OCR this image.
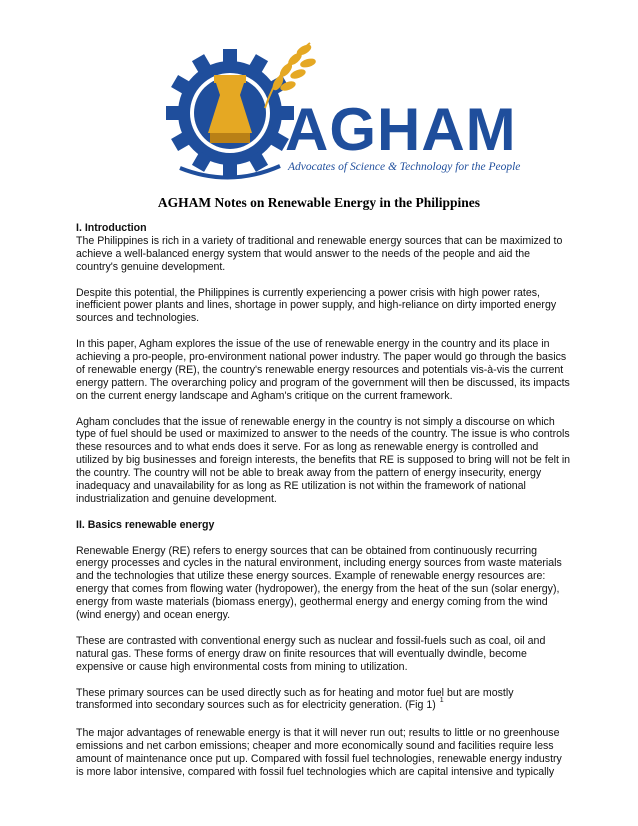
AGHAM
Advocates of Science & Technology for the People
AGHAM Notes on Renewable Energy in the Philippines

I. Introduction

The Philippines is rich in a variety of traditional and renewable energy sources that can be maximized to achieve a well-balanced energy system that would answer to the needs of the people and aid the country's genuine development.

Despite this potential, the Philippines is currently experiencing a power crisis with high power rates, inefficient power plants and lines, shortage in power supply, and high-reliance on dirty imported energy sources and technologies.

In this paper, Agham explores the issue of the use of renewable energy in the country and its place in achieving a pro-people, pro-environment national power industry. The paper would go through the basics of renewable energy (RE), the country's renewable energy resources and potentials vis-à-vis the current energy pattern. The overarching policy and program of the government will then be discussed, its impacts on the current energy landscape and Agham's critique on the current framework.

Agham concludes that the issue of renewable energy in the country is not simply a discourse on which type of fuel should be used or maximized to answer to the needs of the country. The issue is who controls these resources and to what ends does it serve. For as long as renewable energy is controlled and utilized by big businesses and foreign interests, the benefits that RE is supposed to bring will not be felt in the country. The country will not be able to break away from the pattern of energy insecurity, energy inadequacy and unavailability for as long as RE utilization is not within the framework of national industrialization and genuine development.

II. Basics renewable energy

Renewable Energy (RE) refers to energy sources that can be obtained from continuously recurring energy processes and cycles in the natural environment, including energy sources from waste materials and the technologies that utilize these energy sources. Example of renewable energy resources are: energy that comes from flowing water (hydropower), the energy from the heat of the sun (solar energy), energy from waste materials (biomass energy), geothermal energy and energy coming from the wind (wind energy) and ocean energy.

These are contrasted with conventional energy such as nuclear and fossil-fuels such as coal, oil and natural gas. These forms of energy draw on finite resources that will eventually dwindle, become expensive or cause high environmental costs from mining to utilization.

These primary sources can be used directly such as for heating and motor fuel but are mostly transformed into secondary sources such as for electricity generation. (Fig 1) $^1$

The major advantages of renewable energy is that it will never run out; results to little or no greenhouse emissions and net carbon emissions; cheaper and more economically sound and facilities require less amount of maintenance once put up. Compared with fossil fuel technologies, renewable energy industry is more labor intensive, compared with fossil fuel technologies which are capital intensive and typically
